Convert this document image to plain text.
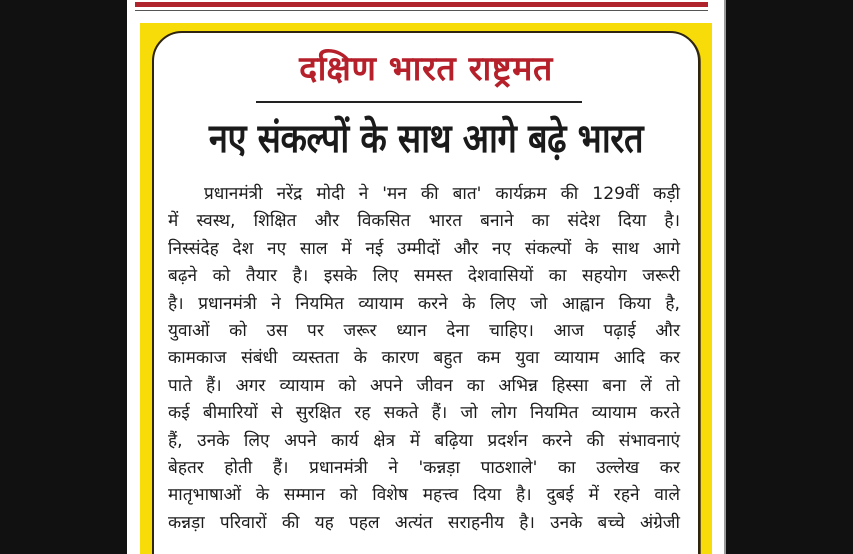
दक्षिण भारत राष्ट्रमत
नए संकल्पों के साथ आगे बढ़े भारत
प्रधानमंत्री नरेंद्र मोदी ने 'मन की बात' कार्यक्रम की 129वीं कड़ी
में स्वस्थ, शिक्षित और विकसित भारत बनाने का संदेश दिया है।
निस्संदेह देश नए साल में नई उम्मीदों और नए संकल्पों के साथ आगे
बढ़ने को तैयार है। इसके लिए समस्त देशवासियों का सहयोग जरूरी
है। प्रधानमंत्री ने नियमित व्यायाम करने के लिए जो आह्वान किया है,
युवाओं को उस पर जरूर ध्यान देना चाहिए। आज पढ़ाई और
कामकाज संबंधी व्यस्तता के कारण बहुत कम युवा व्यायाम आदि कर
पाते हैं। अगर व्यायाम को अपने जीवन का अभिन्न हिस्सा बना लें तो
कई बीमारियों से सुरक्षित रह सकते हैं। जो लोग नियमित व्यायाम करते
हैं, उनके लिए अपने कार्य क्षेत्र में बढ़िया प्रदर्शन करने की संभावनाएं
बेहतर होती हैं। प्रधानमंत्री ने 'कन्नड़ा पाठशाले' का उल्लेख कर
मातृभाषाओं के सम्मान को विशेष महत्त्व दिया है। दुबई में रहने वाले
कन्नड़ा परिवारों की यह पहल अत्यंत सराहनीय है। उनके बच्चे अंग्रेजी
